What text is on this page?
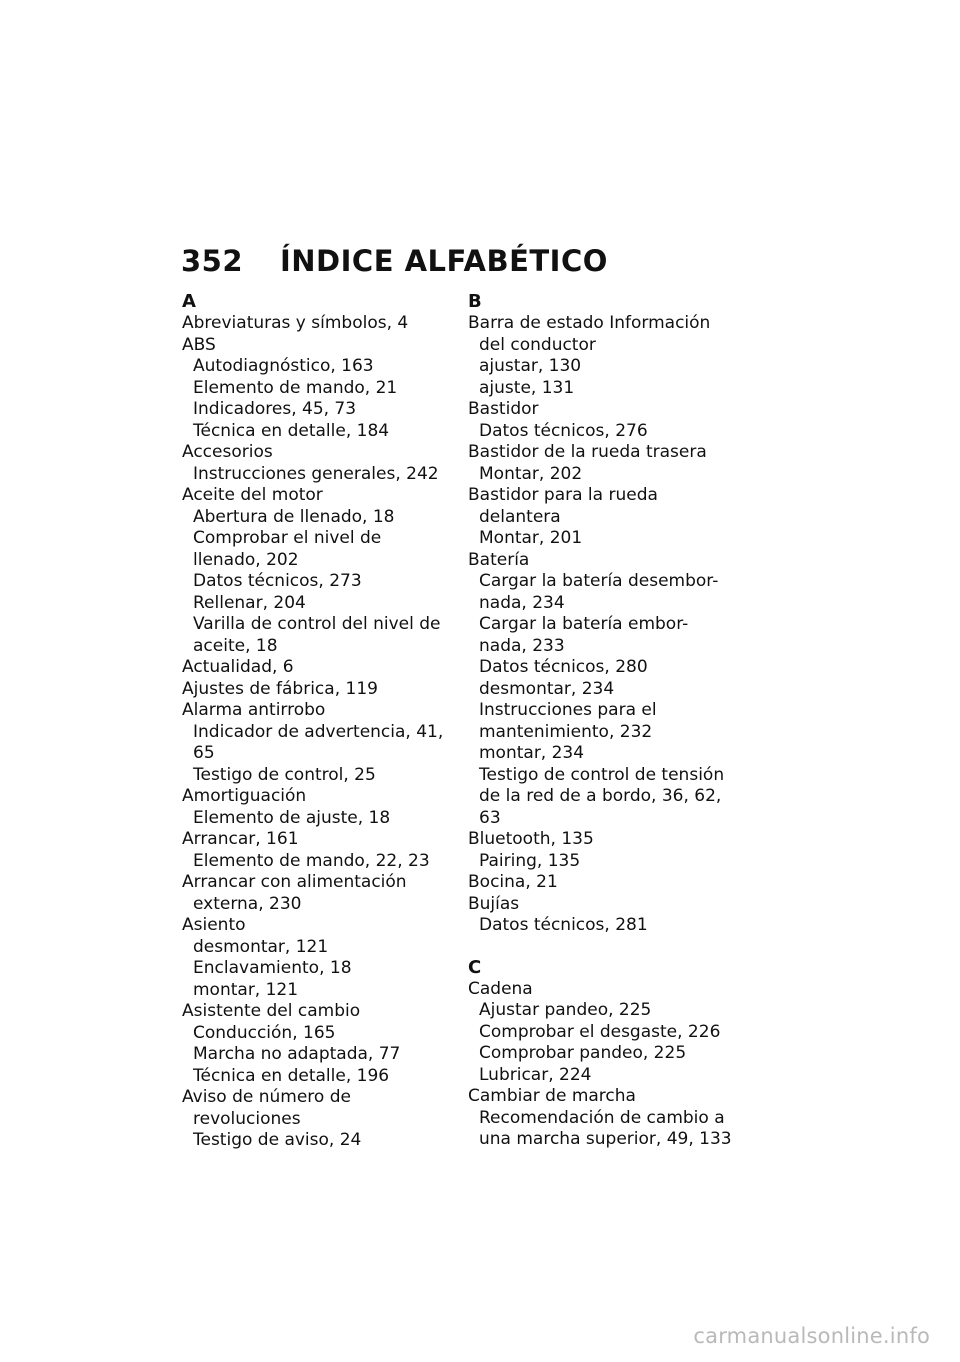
352 ÍNDICE ALFABÉTICO
A
Abreviaturas y símbolos, 4
ABS
Autodiagnóstico, 163
Elemento de mando, 21
Indicadores, 45, 73
Técnica en detalle, 184
Accesorios
Instrucciones generales, 242
Aceite del motor
Abertura de llenado, 18
Comprobar el nivel de
llenado, 202
Datos técnicos, 273
Rellenar, 204
Varilla de control del nivel de
aceite, 18
Actualidad, 6
Ajustes de fábrica, 119
Alarma antirrobo
Indicador de advertencia, 41,
65
Testigo de control, 25
Amortiguación
Elemento de ajuste, 18
Arrancar, 161
Elemento de mando, 22, 23
Arrancar con alimentación
externa, 230
Asiento
desmontar, 121
Enclavamiento, 18
montar, 121
Asistente del cambio
Conducción, 165
Marcha no adaptada, 77
Técnica en detalle, 196
Aviso de número de
revoluciones
Testigo de aviso, 24
B
Barra de estado Información
del conductor
ajustar, 130
ajuste, 131
Bastidor
Datos técnicos, 276
Bastidor de la rueda trasera
Montar, 202
Bastidor para la rueda
delantera
Montar, 201
Batería
Cargar la batería desembor-
nada, 234
Cargar la batería embor-
nada, 233
Datos técnicos, 280
desmontar, 234
Instrucciones para el
mantenimiento, 232
montar, 234
Testigo de control de tensión
de la red de a bordo, 36, 62,
63
Bluetooth, 135
Pairing, 135
Bocina, 21
Bujías
Datos técnicos, 281
C
Cadena
Ajustar pandeo, 225
Comprobar el desgaste, 226
Comprobar pandeo, 225
Lubricar, 224
Cambiar de marcha
Recomendación de cambio a
una marcha superior, 49, 133
carmanualsonline.info
